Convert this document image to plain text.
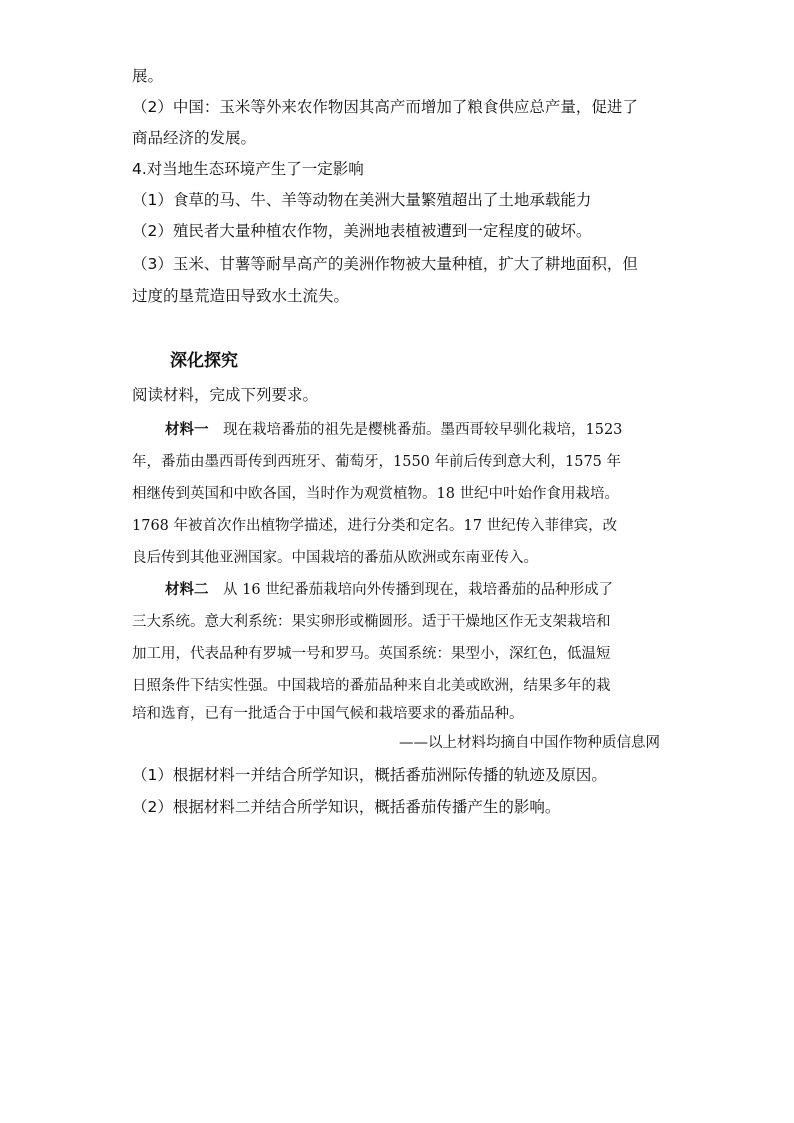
展。
（2）中国：玉米等外来农作物因其高产而增加了粮食供应总产量，促进了
商品经济的发展。
4.对当地生态环境产生了一定影响
（1）食草的马、牛、羊等动物在美洲大量繁殖超出了土地承载能力
（2）殖民者大量种植农作物，美洲地表植被遭到一定程度的破坏。
（3）玉米、甘薯等耐旱高产的美洲作物被大量种植，扩大了耕地面积，但
过度的垦荒造田导致水土流失。
深化探究
阅读材料，完成下列要求。
材料一　现在栽培番茄的祖先是樱桃番茄。墨西哥较早驯化栽培，1523
年，番茄由墨西哥传到西班牙、葡萄牙，1550 年前后传到意大利，1575 年
相继传到英国和中欧各国，当时作为观赏植物。18 世纪中叶始作食用栽培。
1768 年被首次作出植物学描述，进行分类和定名。17 世纪传入菲律宾，改
良后传到其他亚洲国家。中国栽培的番茄从欧洲或东南亚传入。
材料二　从 16 世纪番茄栽培向外传播到现在，栽培番茄的品种形成了
三大系统。意大利系统：果实卵形或椭圆形。适于干燥地区作无支架栽培和
加工用，代表品种有罗城一号和罗马。英国系统：果型小，深红色，低温短
日照条件下结实性强。中国栽培的番茄品种来自北美或欧洲，结果多年的栽
培和选育，已有一批适合于中国气候和栽培要求的番茄品种。
——以上材料均摘自中国作物种质信息网
（1）根据材料一并结合所学知识，概括番茄洲际传播的轨迹及原因。
（2）根据材料二并结合所学知识，概括番茄传播产生的影响。
